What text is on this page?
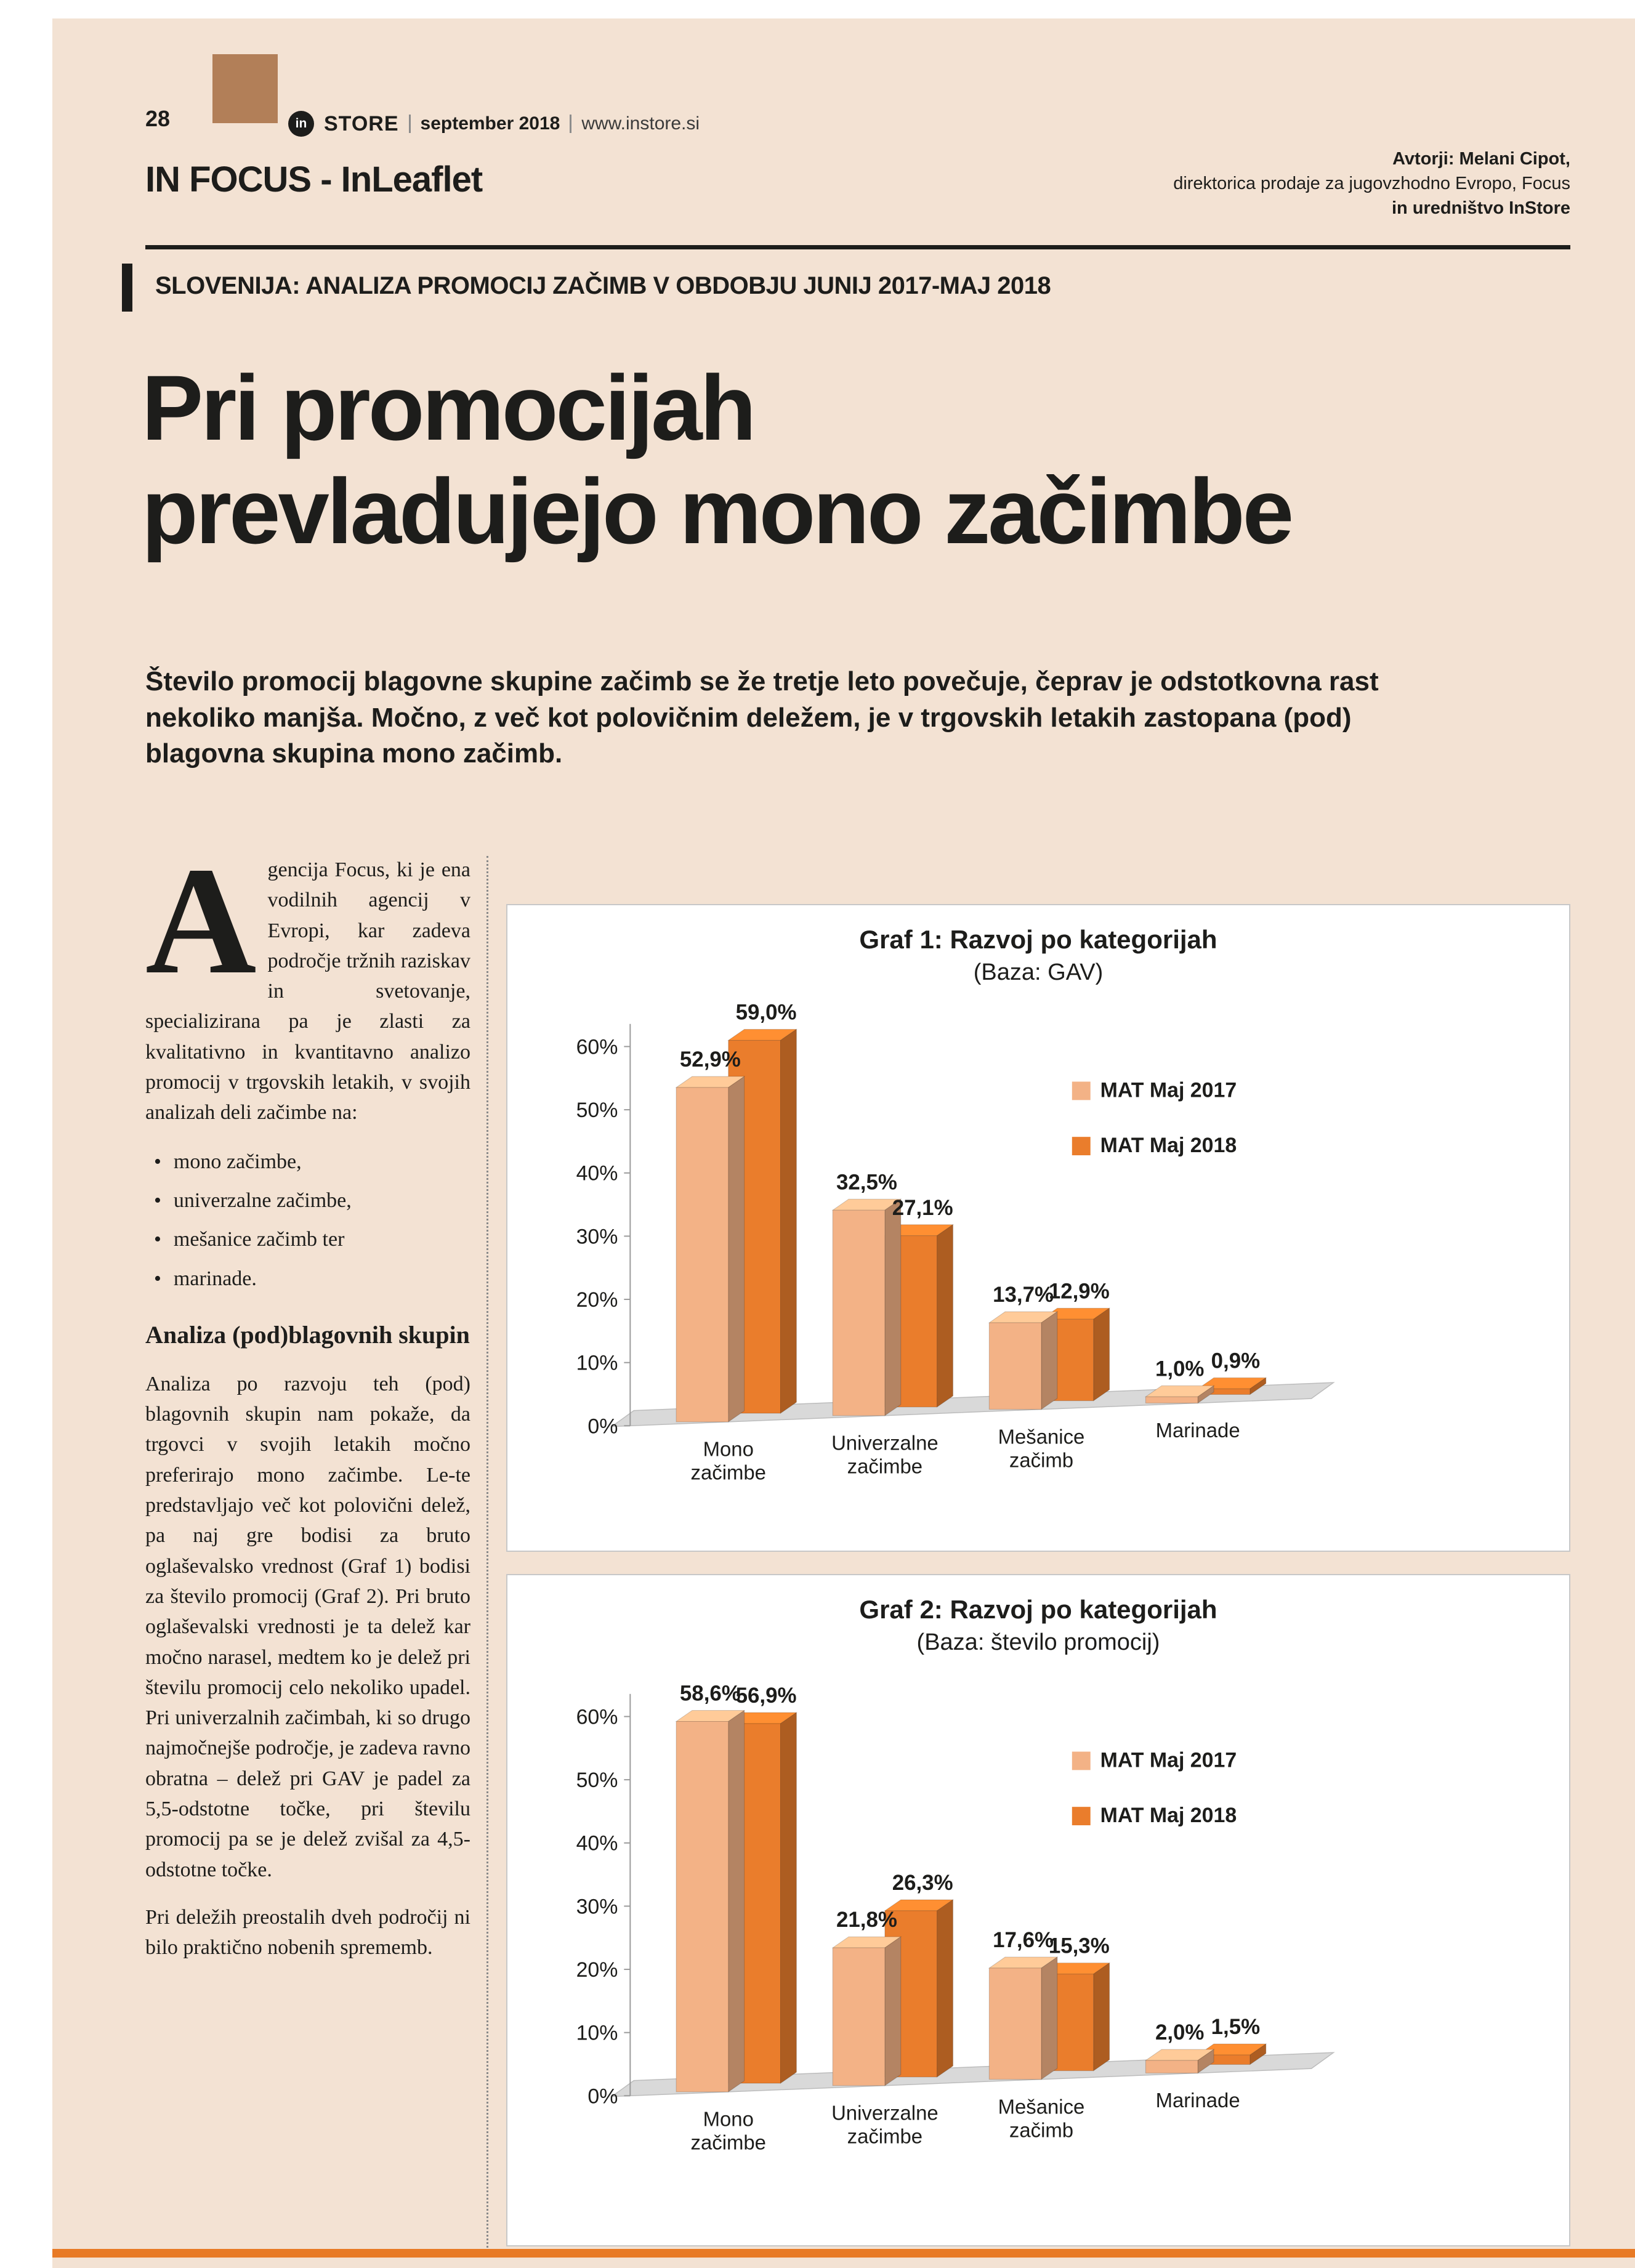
28	in STORE september 2018 www.instore.si
Avtorji: Melani Cipot,
direktorica prodaje za jugovzhodno Evropo, Focus
in uredništvo InStore
IN FOCUS - InLeaflet
SLOVENIJA: ANALIZA PROMOCIJ ZAČIMB V OBDOBJU JUNIJ 2017-MAJ 2018
Pri promocijah
prevladujejo mono začimbe
Število promocij blagovne skupine začimb se že tretje leto povečuje, čeprav je odstotkovna rast nekoliko manjša. Močno, z več kot polovičnim deležem, je v trgovskih letakih zastopana (pod) blagovna skupina mono začimb.

Agencija Focus, ki je ena vodilnih agencij v Evropi, kar zadeva področje tržnih raziskav in svetovanje, specializirana pa je zlasti za kvalitativno in kvantitavno analizo promocij v trgovskih letakih, v svojih analizah deli začimbe na:

• mono začimbe,
• univerzalne začimbe,
• mešanice začimb ter
• marinade.
Analiza (pod)blagovnih skupin

Analiza po razvoju teh (pod) blagovnih skupin nam pokaže, da trgovci v svojih letakih močno preferirajo mono začimbe. Le-te predstavljajo več kot polovični delež, pa naj gre bodisi za bruto oglaševalsko vrednost (Graf 1) bodisi za število promocij (Graf 2). Pri bruto oglaševalski vrednosti je ta delež kar močno narasel, medtem ko je delež pri številu promocij celo nekoliko upadel. Pri univerzalnih začimbah, ki so drugo najmočnejše področje, je zadeva ravno obratna – delež pri GAV je padel za 5,5-odstotne točke, pri številu promocij pa se je delež zvišal za 4,5-odstotne točke.

Pri deležih preostalih dveh področij ni bilo praktično nobenih sprememb.

Graf 1: Razvoj po kategorijah
(Baza: GAV)
0%
10%
20%
30%
40%
50%
60%
52,9%
59,0%
Mono
začimbe
32,5%
27,1%
Univerzalne
začimbe
13,7%
12,9%
Mešanice
začimb
1,0% 0,9%
Marinade
MAT Maj 2017
MAT Maj 2018
Graf 2: Razvoj po kategorijah
(Baza: število promocij)
0%
10%
20%
30%
40%
50%
60%
58,6%
56,9%
Mono
začimbe
21,8%
26,3%
Univerzalne
začimbe
17,6%
15,3%
Mešanice
začimb
2,0% 1,5%
Marinade
MAT Maj 2017
MAT Maj 2018
